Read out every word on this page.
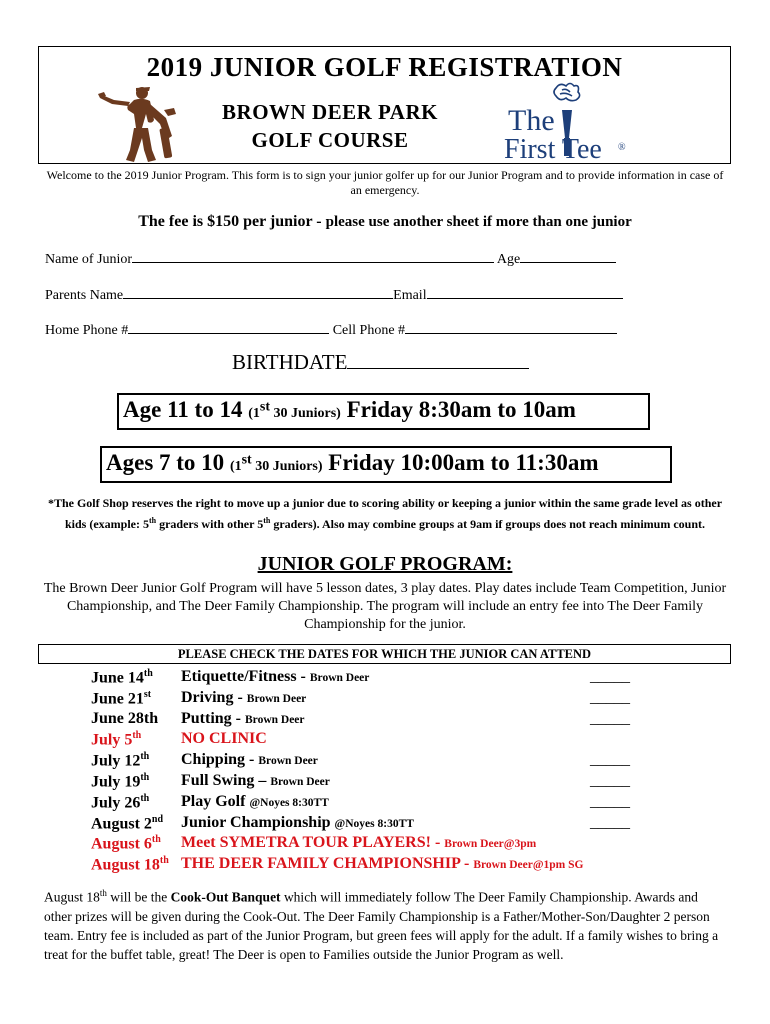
2019 JUNIOR GOLF REGISTRATION
BROWN DEER PARK
GOLF COURSE
The
First Tee ®
Welcome to the 2019 Junior Program. This form is to sign your junior golfer up for our Junior Program and to provide information in case of an emergency.
The fee is $150 per junior - please use another sheet if more than one junior
Name of Junior	Age
Parents Name	Email
Home Phone #	Cell Phone #
BIRTHDATE
Age 11 to 14 (1st 30 Juniors) Friday 8:30am to 10am
Ages 7 to 10 (1st 30 Juniors) Friday 10:00am to 11:30am
*The Golf Shop reserves the right to move up a junior due to scoring ability or keeping a junior within the same grade level as other kids (example: 5th graders with other 5th graders). Also may combine groups at 9am if groups does not reach minimum count.
JUNIOR GOLF PROGRAM:
The Brown Deer Junior Golf Program will have 5 lesson dates, 3 play dates. Play dates include Team Competition, Junior Championship, and The Deer Family Championship. The program will include an entry fee into The Deer Family Championship for the junior.
PLEASE CHECK THE DATES FOR WHICH THE JUNIOR CAN ATTEND
June 14th Etiquette/Fitness - Brown Deer	_____
June 21st Driving - Brown Deer	_____
June 28th Putting - Brown Deer	_____
July 5th NO CLINIC
July 12th Chipping - Brown Deer	_____
July 19th Full Swing – Brown Deer	_____
July 26th Play Golf @Noyes 8:30TT	_____
August 2nd Junior Championship @Noyes 8:30TT	_____
August 6th Meet SYMETRA TOUR PLAYERS! - Brown Deer@3pm
August 18th THE DEER FAMILY CHAMPIONSHIP - Brown Deer@1pm SG
August 18th will be the Cook-Out Banquet which will immediately follow The Deer Family Championship. Awards and other prizes will be given during the Cook-Out. The Deer Family Championship is a Father/Mother-Son/Daughter 2 person team. Entry fee is included as part of the Junior Program, but green fees will apply for the adult. If a family wishes to bring a treat for the buffet table, great! The Deer is open to Families outside the Junior Program as well.
